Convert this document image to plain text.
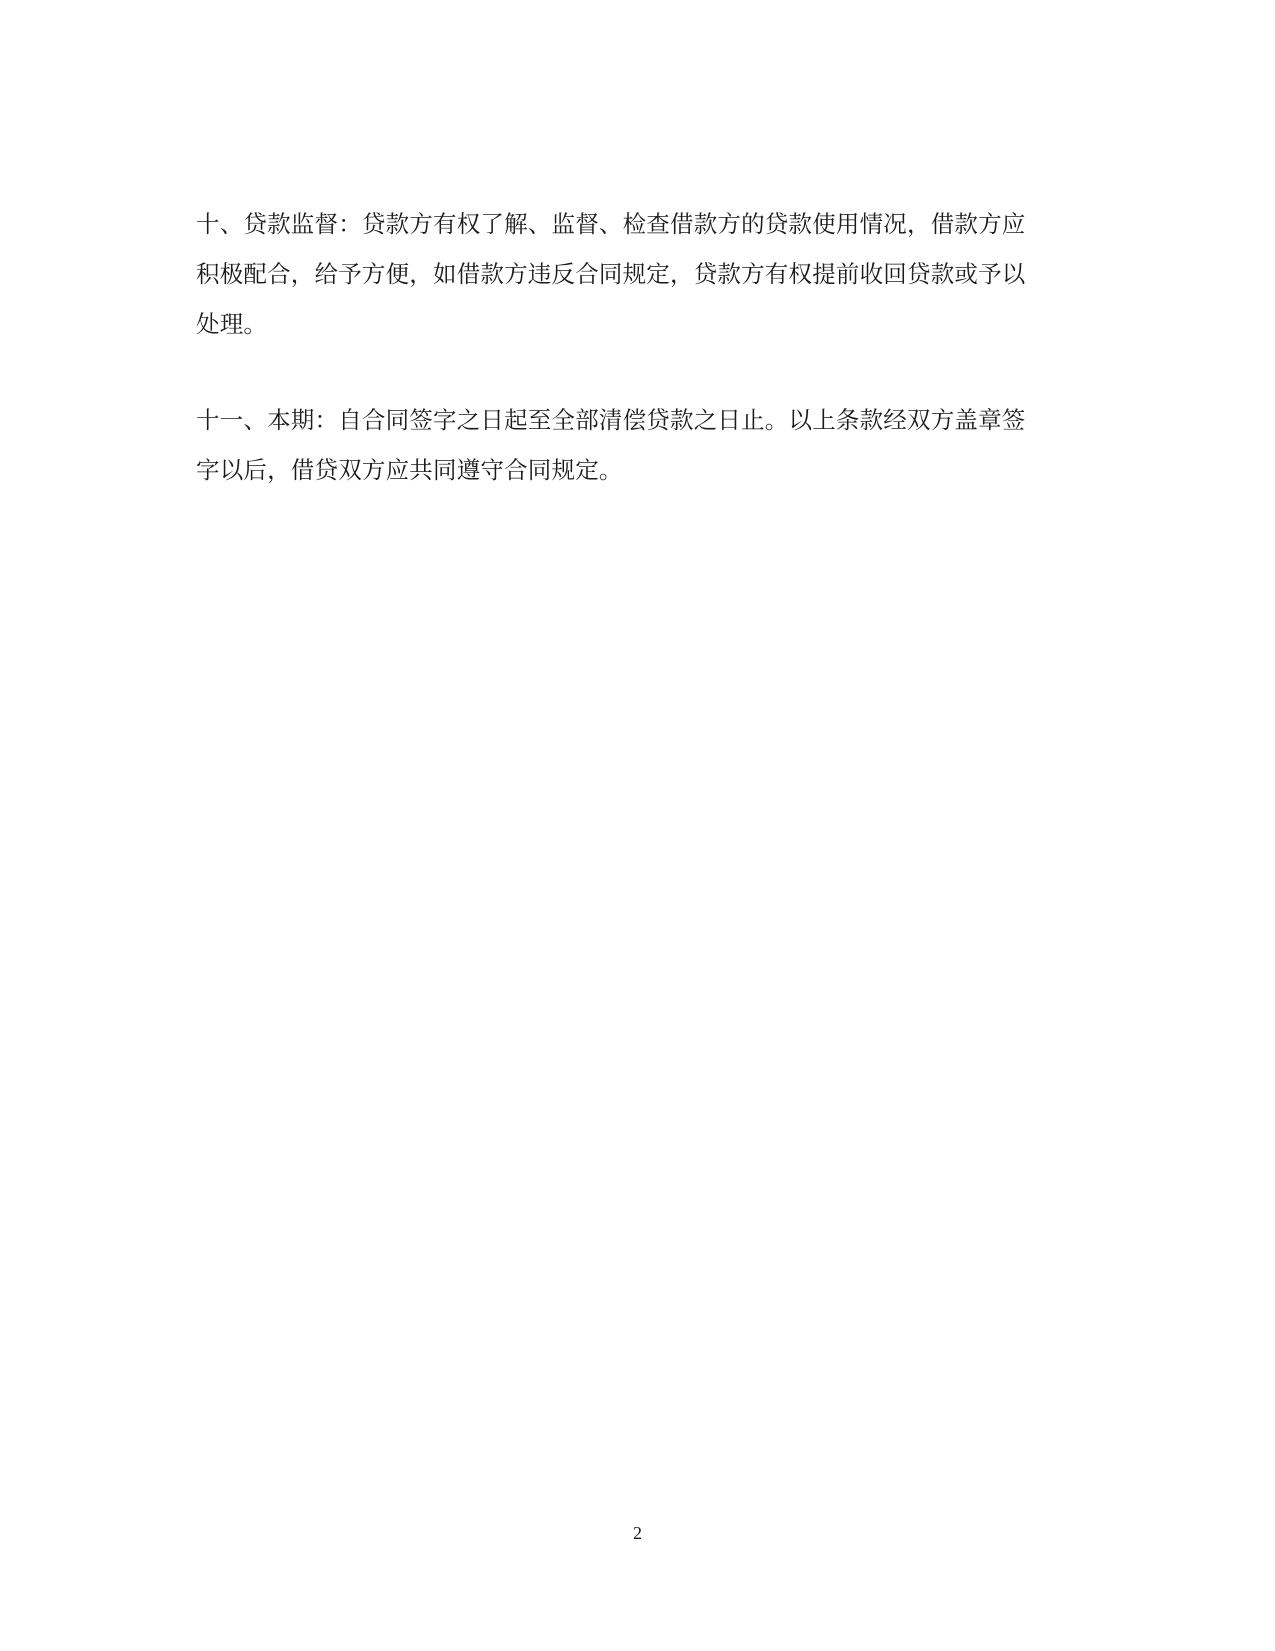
十、贷款监督：贷款方有权了解、监督、检查借款方的贷款使用情况，借款方应
积极配合，给予方便，如借款方违反合同规定，贷款方有权提前收回贷款或予以
处理。
十一、本期：自合同签字之日起至全部清偿贷款之日止。以上条款经双方盖章签
字以后，借贷双方应共同遵守合同规定。
2
